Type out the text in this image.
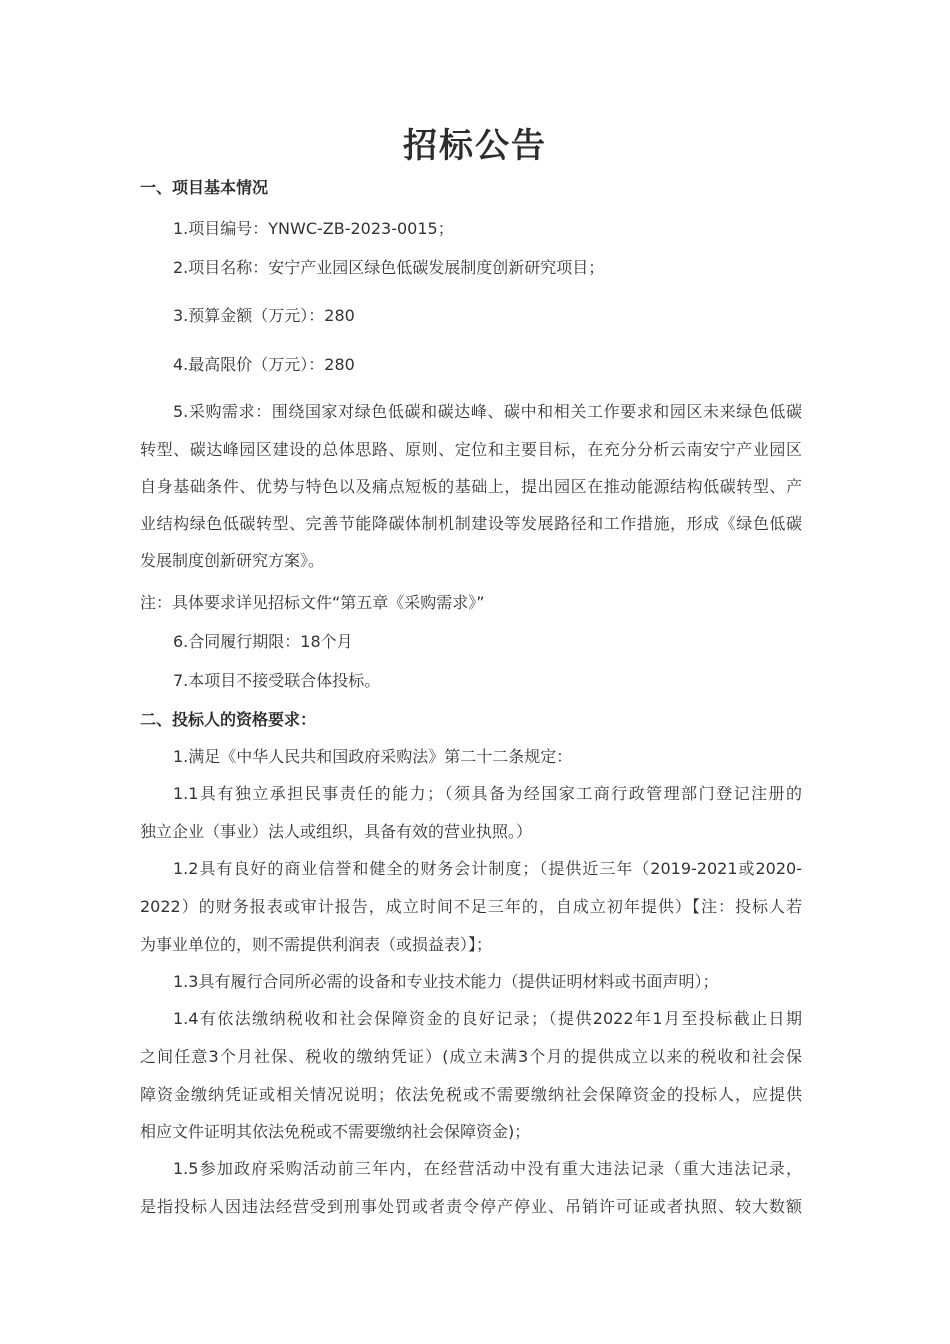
招标公告
一、项目基本情况
1.项目编号：YNWC-ZB-2023-0015；
2.项目名称：安宁产业园区绿色低碳发展制度创新研究项目；
3.预算金额（万元）：280
4.最高限价（万元）：280
5.采购需求：围绕国家对绿色低碳和碳达峰、碳中和相关工作要求和园区未来绿色低碳
转型、碳达峰园区建设的总体思路、原则、定位和主要目标，在充分分析云南安宁产业园区
自身基础条件、优势与特色以及痛点短板的基础上，提出园区在推动能源结构低碳转型、产
业结构绿色低碳转型、完善节能降碳体制机制建设等发展路径和工作措施，形成《绿色低碳
发展制度创新研究方案》。
注：具体要求详见招标文件“第五章《采购需求》”
6.合同履行期限：18个月
7.本项目不接受联合体投标。
二、投标人的资格要求：
1.满足《中华人民共和国政府采购法》第二十二条规定：
1.1具有独立承担民事责任的能力；（须具备为经国家工商行政管理部门登记注册的
独立企业（事业）法人或组织，具备有效的营业执照。）
1.2具有良好的商业信誉和健全的财务会计制度；（提供近三年（2019-2021或2020-
2022）的财务报表或审计报告，成立时间不足三年的，自成立初年提供）【注：投标人若
为事业单位的，则不需提供利润表（或损益表）】；
1.3具有履行合同所必需的设备和专业技术能力（提供证明材料或书面声明）；
1.4有依法缴纳税收和社会保障资金的良好记录；（提供2022年1月至投标截止日期
之间任意3个月社保、税收的缴纳凭证）(成立未满3个月的提供成立以来的税收和社会保
障资金缴纳凭证或相关情况说明；依法免税或不需要缴纳社会保障资金的投标人，应提供
相应文件证明其依法免税或不需要缴纳社会保障资金)；
1.5参加政府采购活动前三年内，在经营活动中没有重大违法记录（重大违法记录，
是指投标人因违法经营受到刑事处罚或者责令停产停业、吊销许可证或者执照、较大数额
